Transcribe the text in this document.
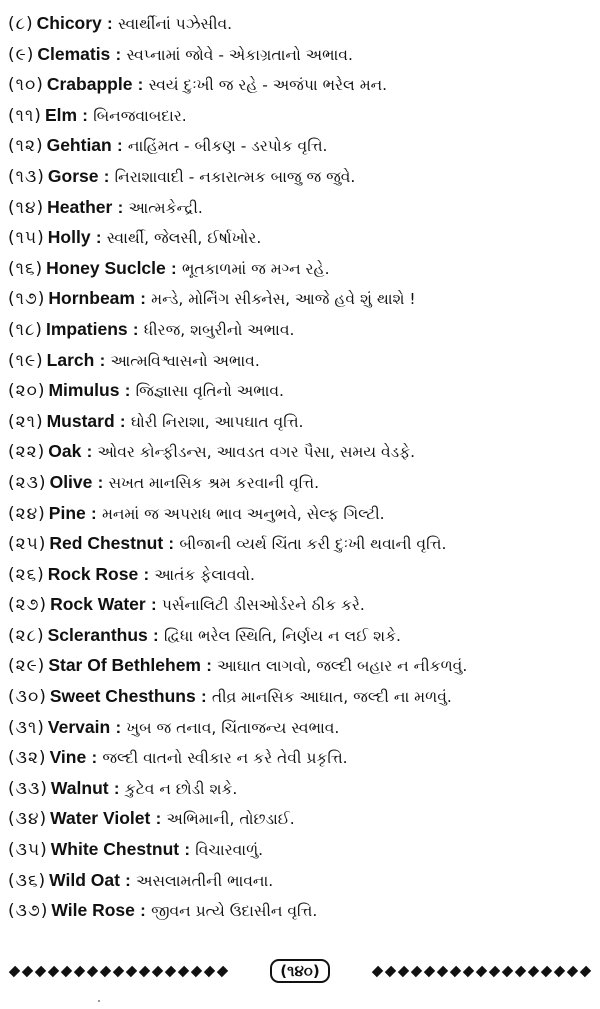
(૮) Chicory : સ્વાર્થીનાં પઝેસીવ.
(૯) Clematis : સ્વપ્નામાં જોવે - એકાગ્રતાનો અભાવ.
(૧૦) Crabapple : સ્વયં દુઃખી જ રહે - અજંપા ભરેલ મન.
(૧૧) Elm : બિનજવાબદાર.
(૧૨) Gehtian : નાહિંમત - બીકણ - ડરપોક વૃત્તિ.
(૧૩) Gorse : નિરાશાવાદી - નકારાત્મક બાજુ જ જુવે.
(૧૪) Heather : આત્મકેન્દ્રી.
(૧૫) Holly : સ્વાર્થી, જેલસી, ઈર્ષાખોર.
(૧૬) Honey Suclcle : ભૂતકાળમાં જ મગ્ન રહે.
(૧૭) Hornbeam : મન્ડે, મોર્નિંગ સીક્નેસ, આજે હવે શું થાશે !
(૧૮) Impatiens : ધીરજ, શબુરીનો અભાવ.
(૧૯) Larch : આત્મવિશ્વાસનો અભાવ.
(૨૦) Mimulus : જિજ્ઞાસા વૃતિનો અભાવ.
(૨૧) Mustard : ઘોરી નિરાશા, આપઘાત વૃત્તિ.
(૨૨) Oak : ઓવર કોન્ફીડન્સ, આવડત વગર પૈસા, સમય વેડફે.
(૨૩) Olive : સખત માનસિક શ્રમ કરવાની વૃત્તિ.
(૨૪) Pine : મનમાં જ અપરાધ ભાવ અનુભવે, સેલ્ફ ગિલ્ટી.
(૨૫) Red Chestnut : બીજાની વ્યર્થ ચિંતા કરી દુઃખી થવાની વૃત્તિ.
(૨૬) Rock Rose : આતંક ફેલાવવો.
(૨૭) Rock Water : પર્સનાલિટી ડીસઓર્ડરને ઠીક કરે.
(૨૮) Scleranthus : દ્વિધા ભરેલ સ્થિતિ, નિર્ણય ન લઈ શકે.
(૨૯) Star Of Bethlehem : આઘાત લાગવો, જલ્દી બહાર ન નીકળવું.
(૩૦) Sweet Chesthuns : તીવ્ર માનસિક આઘાત, જલ્દી ના મળવું.
(૩૧) Vervain : ખુબ જ તનાવ, ચિંતાજન્ય સ્વભાવ.
(૩૨) Vine : જલ્દી વાતનો સ્વીકાર ન કરે તેવી પ્રકૃત્તિ.
(૩૩) Walnut : કુટેવ ન છોડી શકે.
(૩૪) Water Violet : અભિમાની, તોછડાઈ.
(૩૫) White Chestnut : વિચારવાળું.
(૩૬) Wild Oat : અસલામતીની ભાવના.
(૩૭) Wile Rose : જીવન પ્રત્યે ઉદાસીન વૃત્તિ.
(૧૪૦)
